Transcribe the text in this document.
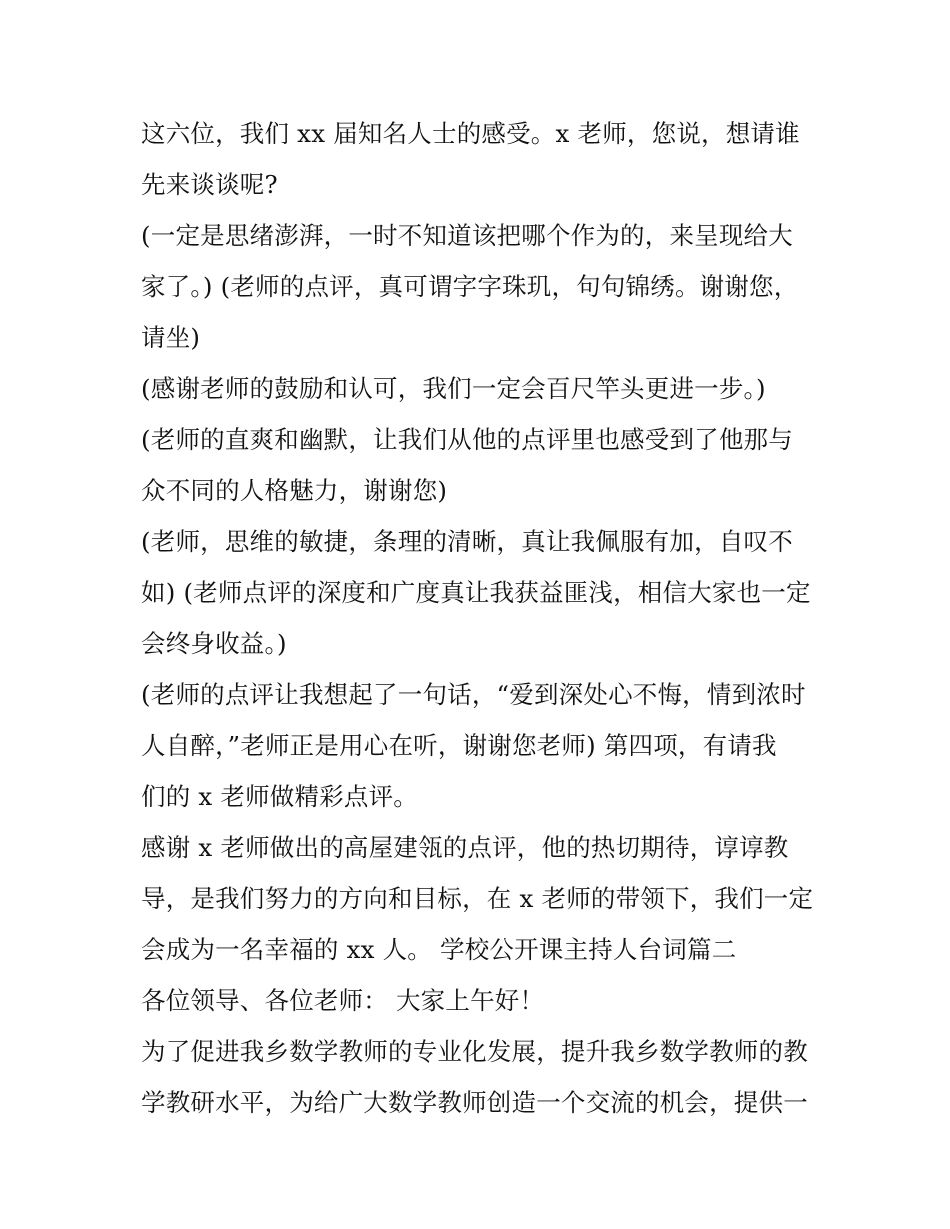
这六位，我们 xx 届知名人士的感受。x 老师，您说，想请谁
先来谈谈呢?
(一定是思绪澎湃，一时不知道该把哪个作为的，来呈现给大
家了。) (老师的点评，真可谓字字珠玑，句句锦绣。谢谢您，
请坐)
(感谢老师的鼓励和认可，我们一定会百尺竿头更进一步。)
(老师的直爽和幽默，让我们从他的点评里也感受到了他那与
众不同的人格魅力，谢谢您)
(老师，思维的敏捷，条理的清晰，真让我佩服有加，自叹不
如) (老师点评的深度和广度真让我获益匪浅，相信大家也一定
会终身收益。)
(老师的点评让我想起了一句话，“爱到深处心不悔，情到浓时
人自醉，”老师正是用心在听，谢谢您老师) 第四项，有请我
们的 x 老师做精彩点评。
感谢 x 老师做出的高屋建瓴的点评，他的热切期待，谆谆教
导，是我们努力的方向和目标，在 x 老师的带领下，我们一定
会成为一名幸福的 xx 人。 学校公开课主持人台词篇二
各位领导、各位老师： 大家上午好！
为了促进我乡数学教师的专业化发展，提升我乡数学教师的教
学教研水平，为给广大数学教师创造一个交流的机会，提供一
